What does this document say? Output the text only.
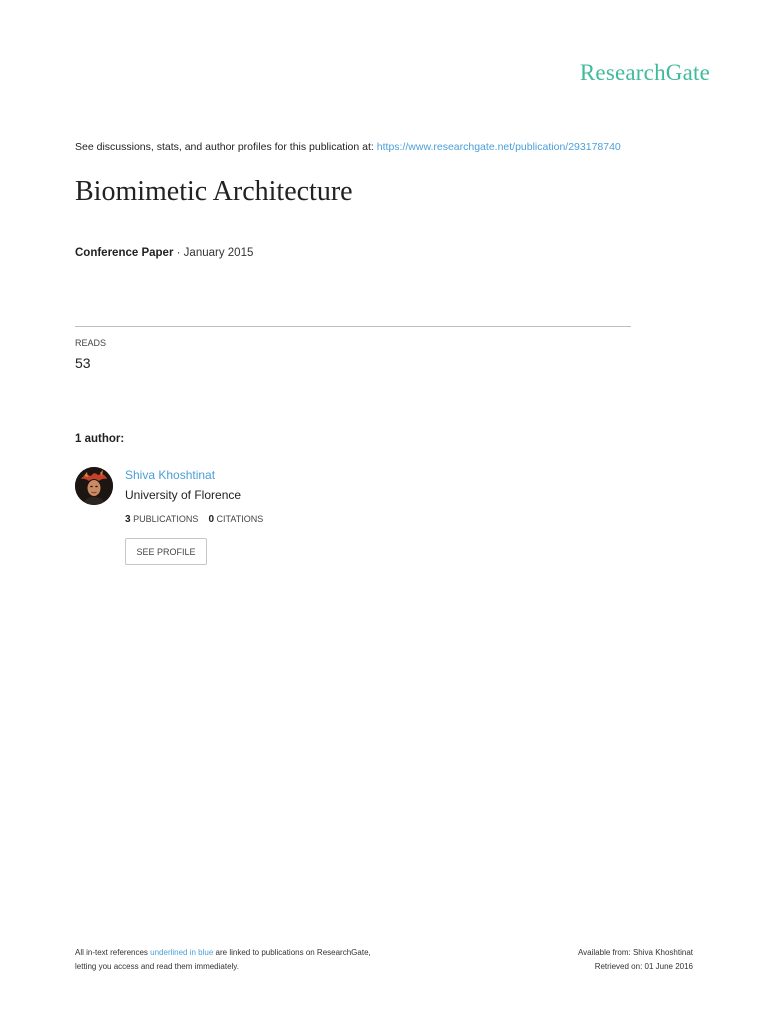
ResearchGate
See discussions, stats, and author profiles for this publication at: https://www.researchgate.net/publication/293178740
Biomimetic Architecture
Conference Paper · January 2015
READS
53
1 author:
Shiva Khoshtinat
University of Florence
3 PUBLICATIONS 0 CITATIONS
SEE PROFILE
All in-text references underlined in blue are linked to publications on ResearchGate,
letting you access and read them immediately.
Available from: Shiva Khoshtinat
Retrieved on: 01 June 2016
